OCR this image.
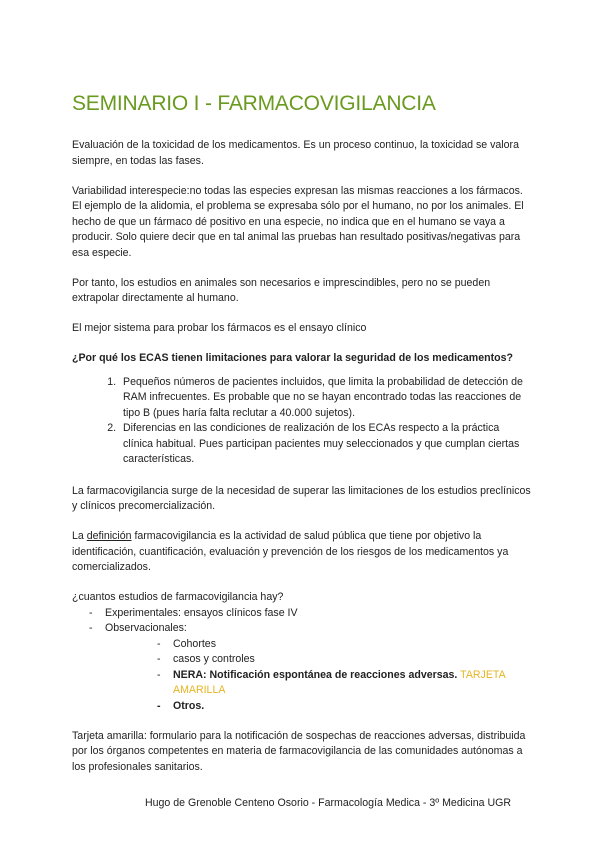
SEMINARIO I - FARMACOVIGILANCIA

Evaluación de la toxicidad de los medicamentos. Es un proceso continuo, la toxicidad se valora siempre, en todas las fases.

Variabilidad interespecie:no todas las especies expresan las mismas reacciones a los fármacos. El ejemplo de la alidomia, el problema se expresaba sólo por el humano, no por los animales. El hecho de que un fármaco dé positivo en una especie, no indica que en el humano se vaya a producir. Solo quiere decir que en tal animal las pruebas han resultado positivas/negativas para esa especie.

Por tanto, los estudios en animales son necesarios e imprescindibles, pero no se pueden extrapolar directamente al humano.

El mejor sistema para probar los fármacos es el ensayo clínico

¿Por qué los ECAS tienen limitaciones para valorar la seguridad de los medicamentos?

1. Pequeños números de pacientes incluidos, que limita la probabilidad de detección de RAM infrecuentes. Es probable que no se hayan encontrado todas las reacciones de tipo B (pues haría falta reclutar a 40.000 sujetos).
2. Diferencias en las condiciones de realización de los ECAs respecto a la práctica clínica habitual. Pues participan pacientes muy seleccionados y que cumplan ciertas características.

La farmacovigilancia surge de la necesidad de superar las limitaciones de los estudios preclínicos y clínicos precomercialización.

La definición farmacovigilancia es la actividad de salud pública que tiene por objetivo la identificación, cuantificación, evaluación y prevención de los riesgos de los medicamentos ya comercializados.

¿cuantos estudios de farmacovigilancia hay?
- Experimentales: ensayos clínicos fase IV
- Observacionales:
- Cohortes
- casos y controles
- NERA: Notificación espontánea de reacciones adversas. TARJETA AMARILLA
- Otros.

Tarjeta amarilla: formulario para la notificación de sospechas de reacciones adversas, distribuida por los órganos competentes en materia de farmacovigilancia de las comunidades autónomas a los profesionales sanitarios.

Hugo de Grenoble Centeno Osorio - Farmacología Medica - 3º Medicina UGR
